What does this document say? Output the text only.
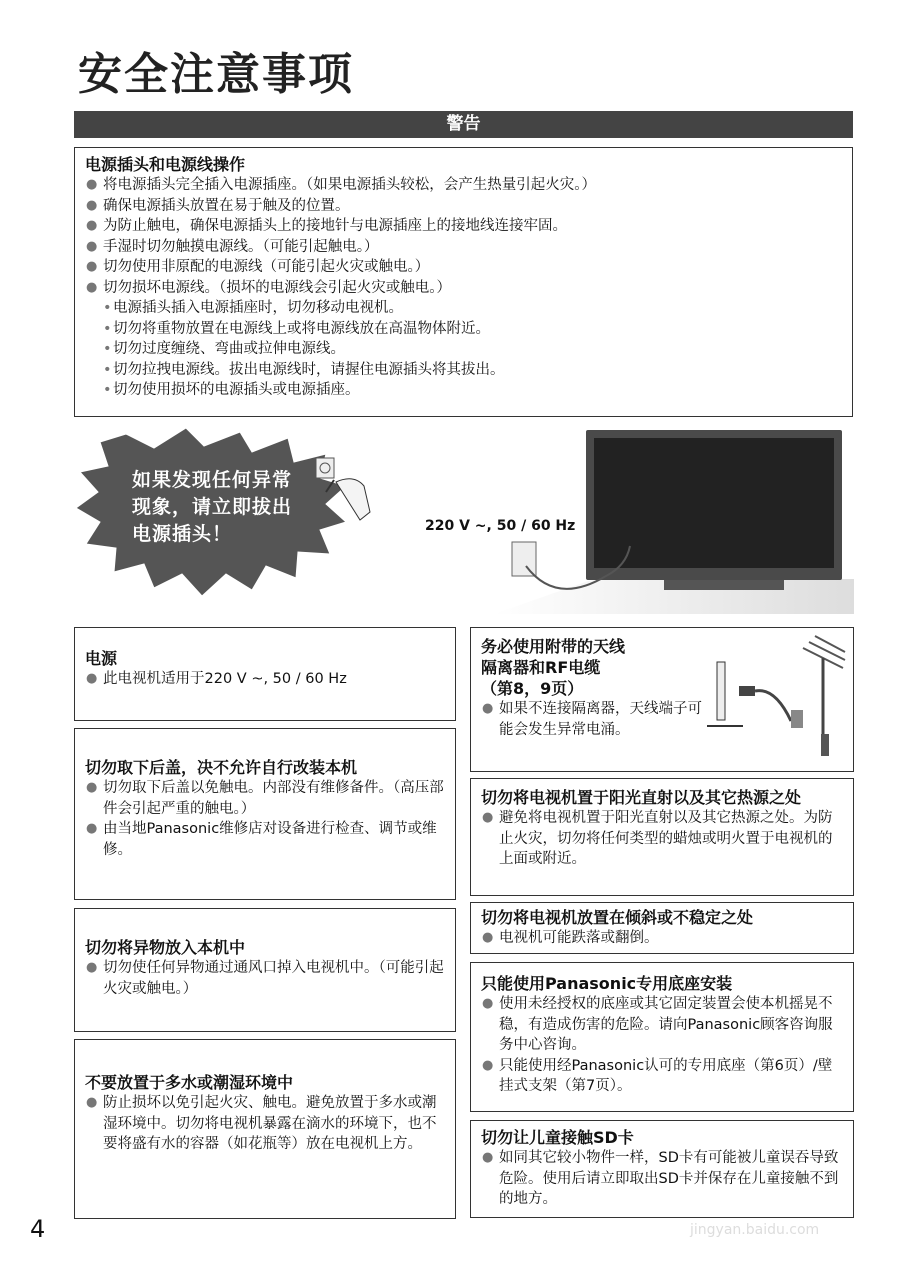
安全注意事项
警告
电源插头和电源线操作
● 将电源插头完全插入电源插座。（如果电源插头较松，会产生热量引起火灾。）
● 确保电源插头放置在易于触及的位置。
● 为防止触电，确保电源插头上的接地针与电源插座上的接地线连接牢固。
● 手湿时切勿触摸电源线。（可能引起触电。）
● 切勿使用非原配的电源线（可能引起火灾或触电。）
● 切勿损坏电源线。（损坏的电源线会引起火灾或触电。）
• 电源插头插入电源插座时，切勿移动电视机。
• 切勿将重物放置在电源线上或将电源线放在高温物体附近。
• 切勿过度缠绕、弯曲或拉伸电源线。
• 切勿拉拽电源线。拔出电源线时，请握住电源插头将其拔出。
• 切勿使用损坏的电源插头或电源插座。
如果发现任何异常
现象，请立即拔出
电源插头！	220 V ~, 50 / 60 Hz
电源
● 此电视机适用于220 V ~, 50 / 60 Hz
切勿取下后盖，决不允许自行改装本机
● 切勿取下后盖以免触电。内部没有维修备件。（高压部件会引起严重的触电。）
● 由当地Panasonic维修店对设备进行检查、调节或维修。
切勿将异物放入本机中
● 切勿使任何异物通过通风口掉入电视机中。（可能引起火灾或触电。）
不要放置于多水或潮湿环境中
● 防止损坏以免引起火灾、触电。避免放置于多水或潮湿环境中。切勿将电视机暴露在滴水的环境下，也不要将盛有水的容器（如花瓶等）放在电视机上方。
务必使用附带的天线
隔离器和RF电缆
（第8，9页）
● 如果不连接隔离器，天线端子可能会发生异常电涌。
切勿将电视机置于阳光直射以及其它热源之处
● 避免将电视机置于阳光直射以及其它热源之处。为防止火灾，切勿将任何类型的蜡烛或明火置于电视机的上面或附近。
切勿将电视机放置在倾斜或不稳定之处
● 电视机可能跌落或翻倒。
只能使用Panasonic专用底座安装
● 使用未经授权的底座或其它固定装置会使本机摇晃不稳，有造成伤害的危险。请向Panasonic顾客咨询服务中心咨询。
● 只能使用经Panasonic认可的专用底座（第6页）/壁挂式支架（第7页）。
切勿让儿童接触SD卡
● 如同其它较小物件一样，SD卡有可能被儿童误吞导致危险。使用后请立即取出SD卡并保存在儿童接触不到的地方。
4	jingyan.baidu.com
